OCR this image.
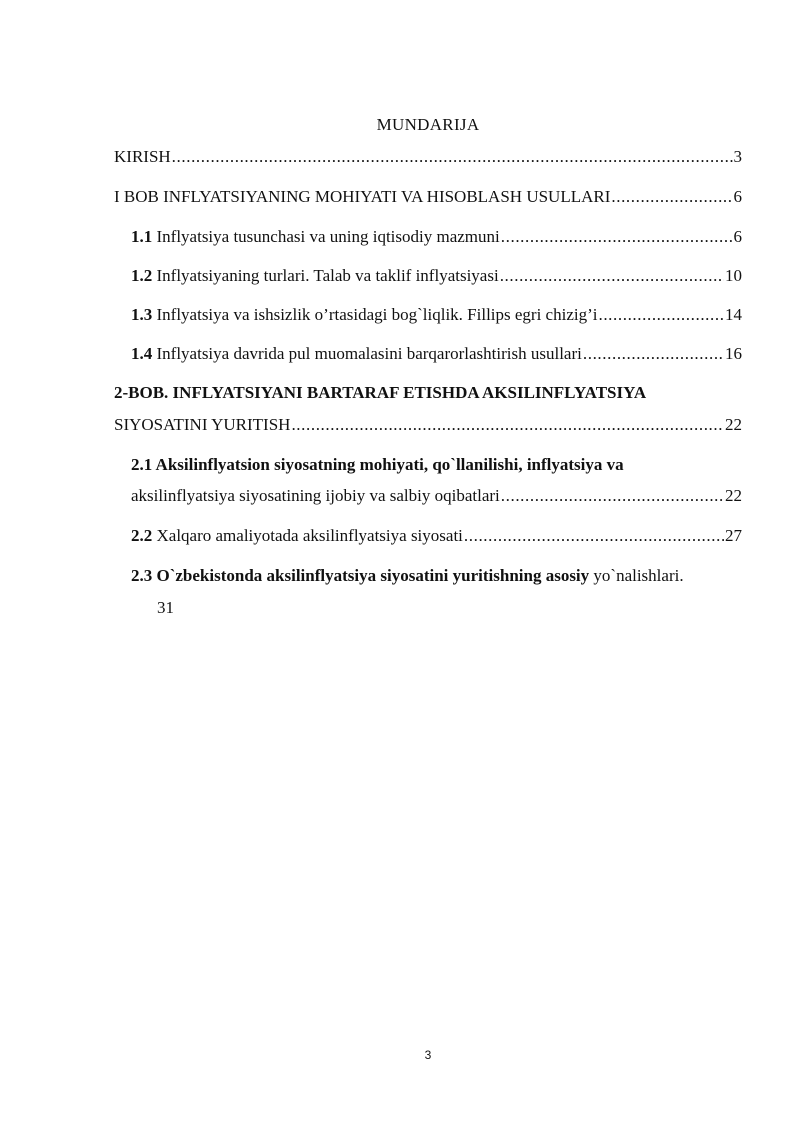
MUNDARIJA
KIRISH .....	3
I BOB INFLYATSIYANING MOHIYATI VA HISOBLASH USULLARI .....	6
1.1 Inflyatsiya tusunchasi va uning iqtisodiy mazmuni .....	6
1.2 Inflyatsiyaning turlari. Talab va taklif inflyatsiyasi .....	10
1.3 Inflyatsiya va ishsizlik o’rtasidagi bog`liqlik. Fillips egri chizig’i .....	14
1.4 Inflyatsiya davrida pul muomalasini barqarorlashtirish usullari .....	16
2-BOB. INFLYATSIYANI BARTARAF ETISHDA AKSILINFLYATSIYA
SIYOSATINI YURITISH .....	22
2.1 Aksilinflyatsion siyosatning mohiyati, qo`llanilishi, inflyatsiya va
aksilinflyatsiya siyosatining ijobiy va salbiy oqibatlari .....	22
2.2 Xalqaro amaliyotada aksilinflyatsiya siyosati .....	27
2.3 O`zbekistonda aksilinflyatsiya siyosatini yuritishning asosiy yo`nalishlari.
31
3
